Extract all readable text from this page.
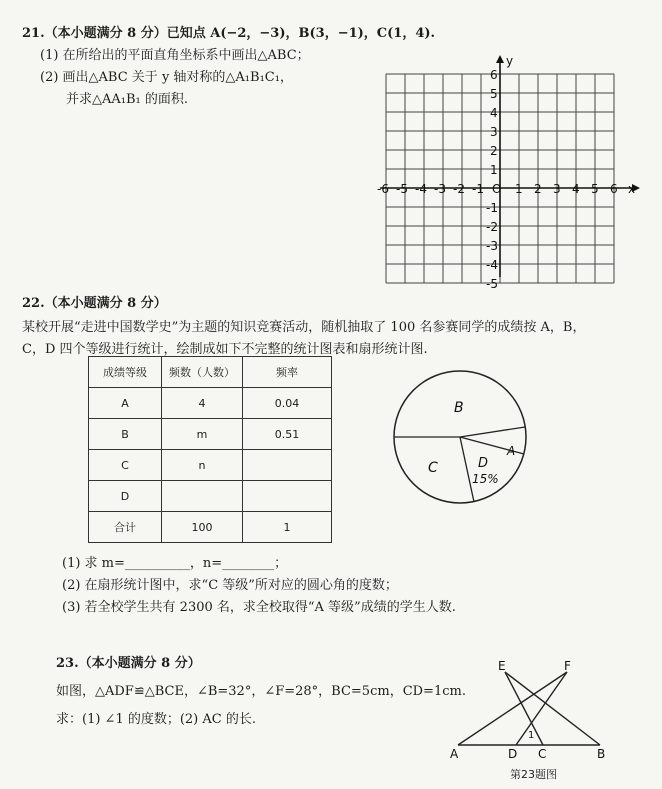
21.（本小题满分 8 分）已知点 A(−2，−3)，B(3，−1)，C(1，4).
(1) 在所给出的平面直角坐标系中画出△ABC；
(2) 画出△ABC 关于 y 轴对称的△A₁B₁C₁，
并求△AA₁B₁ 的面积.
x
y
O
-6 -5 -4 -3 -2 -1	1 2 3 4 5 6
6
5
4
3
2
1
-1
-2
-3
-4
-5
22.（本小题满分 8 分）
某校开展“走进中国数学史”为主题的知识竞赛活动，随机抽取了 100 名参赛同学的成绩按 A，B，
C，D 四个等级进行统计，绘制成如下不完整的统计图表和扇形统计图.
成绩等级	频数（人数）	频率
A	4	0.04
B	m	0.51
C	n	
D		
合计	100	1
B
C	D
15%
A
(1) 求 m=__________，n=________；
(2) 在扇形统计图中，求“C 等级”所对应的圆心角的度数；
(3) 若全校学生共有 2300 名，求全校取得“A 等级”成绩的学生人数.
23.（本小题满分 8 分）
如图，△ADF≌△BCE，∠B=32°，∠F=28°，BC=5cm，CD=1cm.
求：(1) ∠1 的度数；(2) AC 的长.
E	F
A	D C	B
1
第23题图
